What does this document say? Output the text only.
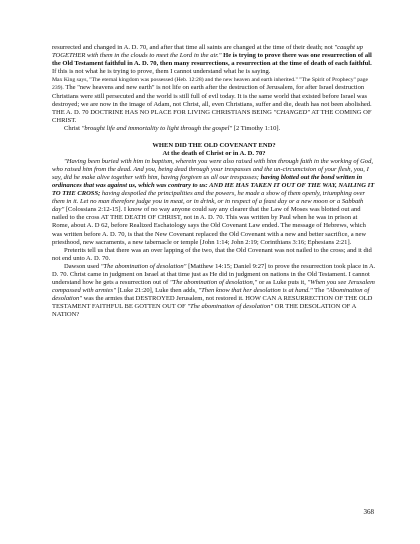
resurrected and changed in A. D. 70, and after that time all saints are changed at the time of their death; not "caught up TOGETHER with them in the clouds to meet the Lord in the air." He is trying to prove there was one resurrection of all the Old Testament faithful in A. D. 70, then many resurrections, a resurrection at the time of death of each faithful. If this is not what he is trying to prove, them I cannot understand what he is saying.

Max King says, "The eternal kingdom was possessed (Heb. 12:28) and the new heaven and earth inherited." "The Spirit of Prophecy" page 239). The "new heavens and new earth" is not life on earth after the destruction of Jerusalem, for after Israel destruction Christians were still persecuted and the world is still full of evil today. It is the same world that existed before Israel was destroyed; we are now in the image of Adam, not Christ, all, even Christians, suffer and die, death has not been abolished. THE A. D. 70 DOCTRINE HAS NO PLACE FOR LIVING CHRISTIANS BEING "CHANGED" AT THE COMING OF CHRIST.

Christ "brought life and immortality to light through the gospel" [2 Timothy 1:10].

WHEN DID THE OLD COVENANT END?
At the death of Christ or in A. D. 70?

"Having been buried with him in baptism, wherein you were also raised with him through faith in the working of God, who raised him from the dead. And you, being dead through your trespasses and the un-circumcision of your flesh, you, I say, did he make alive together with him, having forgiven us all our trespasses; having blotted out the bond written in ordinances that was against us, which was contrary to us: AND HE HAS TAKEN IT OUT OF THE WAY, NAILING IT TO THE CROSS; having despoiled the principalities and the powers, he made a show of them openly, triumphing over them in it. Let no man therefore judge you in meat, or in drink, or in respect of a feast day or a new moon or a Sabbath day" [Colossians 2:12-15]. I know of no way anyone could say any clearer that the Law of Moses was blotted out and nailed to the cross AT THE DEATH OF CHRIST, not in A. D. 70. This was written by Paul when he was in prison at Rome, about A. D 62, before Realized Eschatology says the Old Covenant Law ended. The message of Hebrews, which was written before A. D. 70, is that the New Covenant replaced the Old Covenant with a new and better sacrifice, a new priesthood, new sacraments, a new tabernacle or temple [John 1:14; John 2:19; Corinthians 3:16; Ephesians 2:21].

Preterits tell us that there was an over lapping of the two, that the Old Covenant was not nailed to the cross; and it did not end unto A. D. 70.

Dawson used "The abomination of desolation" [Matthew 14:15; Daniel 9:27] to prove the resurrection took place in A. D. 70. Christ came in judgment on Israel at that time just as He did in judgment on nations in the Old Testament. I cannot understand how he gets a resurrection out of "The abomination of desolation," or as Luke puts it, "When you see Jerusalem compassed with armies" [Luke 21:20], Luke then adds, "Then know that her desolation is at hand." The "Abomination of desolation" was the armies that DESTROYED Jerusalem, not restored it. HOW CAN A RESURRECTION OF THE OLD TESTAMENT FAITHFUL BE GOTTEN OUT OF "The abomination of desolation" OR THE DESOLATION OF A NATION?

368
